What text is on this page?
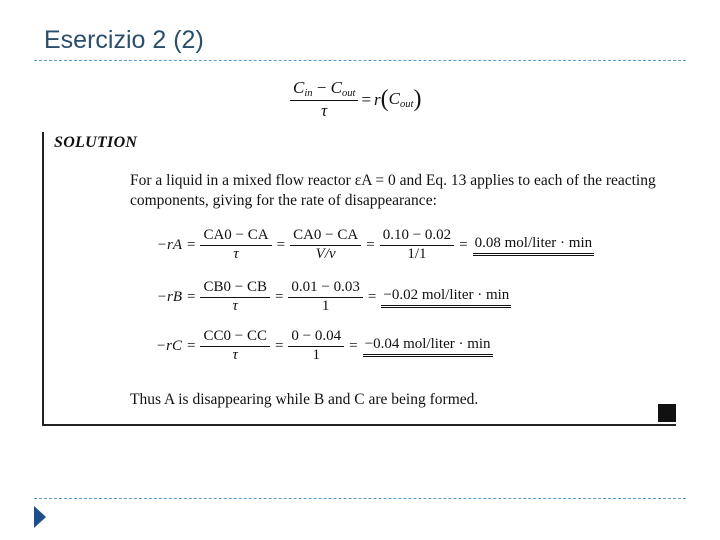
Esercizio 2 (2)
$\frac{C_{in} - C_{out}}{\tau} = r$ ( $C_{out}$ )
SOLUTION
For a liquid in a mixed flow reactor εA = 0 and Eq. 13 applies to each of the reacting components, giving for the rate of disappearance:
$-rA = \frac{CA0 - CA}{\tau} = \frac{CA0 - CA}{V/v} = \frac{0.10 - 0.02}{1/1} = 0.08$ mol/liter · min
$-rB = \frac{CB0 - CB}{\tau} = \frac{0.01 - 0.03}{1} = -0.02$ mol/liter · min
$-rC = \frac{CC0 - CC}{\tau} = \frac{0 - 0.04}{1} = -0.04$ mol/liter · min
Thus A is disappearing while B and C are being formed.
